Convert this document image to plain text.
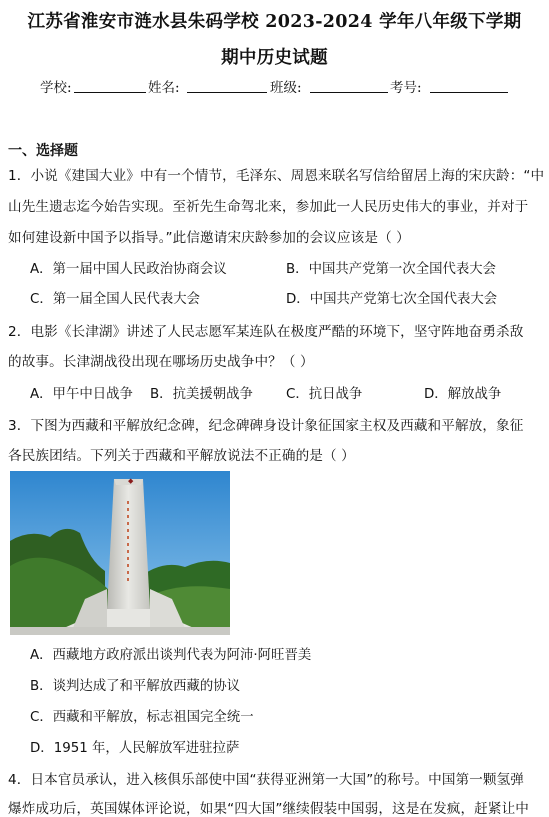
江苏省淮安市涟水县朱码学校 2023-2024 学年八年级下学期
期中历史试题
学校:	姓名:	班级:	考号:
一、选择题
1．小说《建国大业》中有一个情节，毛泽东、周恩来联名写信给留居上海的宋庆龄：“中
山先生遗志迄今始告实现。至祈先生命驾北来，参加此一人民历史伟大的事业，并对于
如何建设新中国予以指导。”此信邀请宋庆龄参加的会议应该是（ ）
A．第一届中国人民政治协商会议	B．中国共产党第一次全国代表大会
C．第一届全国人民代表大会	D．中国共产党第七次全国代表大会
2．电影《长津湖》讲述了人民志愿军某连队在极度严酷的环境下，坚守阵地奋勇杀敌
的故事。长津湖战役出现在哪场历史战争中？（ ）
A．甲午中日战争 B．抗美援朝战争 C．抗日战争	D．解放战争
3．下图为西藏和平解放纪念碑，纪念碑碑身设计象征国家主权及西藏和平解放，象征
各民族团结。下列关于西藏和平解放说法不正确的是（ ）
◆
A．西藏地方政府派出谈判代表为阿沛·阿旺晋美
B．谈判达成了和平解放西藏的协议
C．西藏和平解放，标志祖国完全统一
D．1951 年，人民解放军进驻拉萨
4．日本官员承认，进入核俱乐部使中国“获得亚洲第一大国”的称号。中国第一颗氢弹
爆炸成功后，英国媒体评论说，如果“四大国”继续假装中国弱，这是在发疯，赶紧让中
